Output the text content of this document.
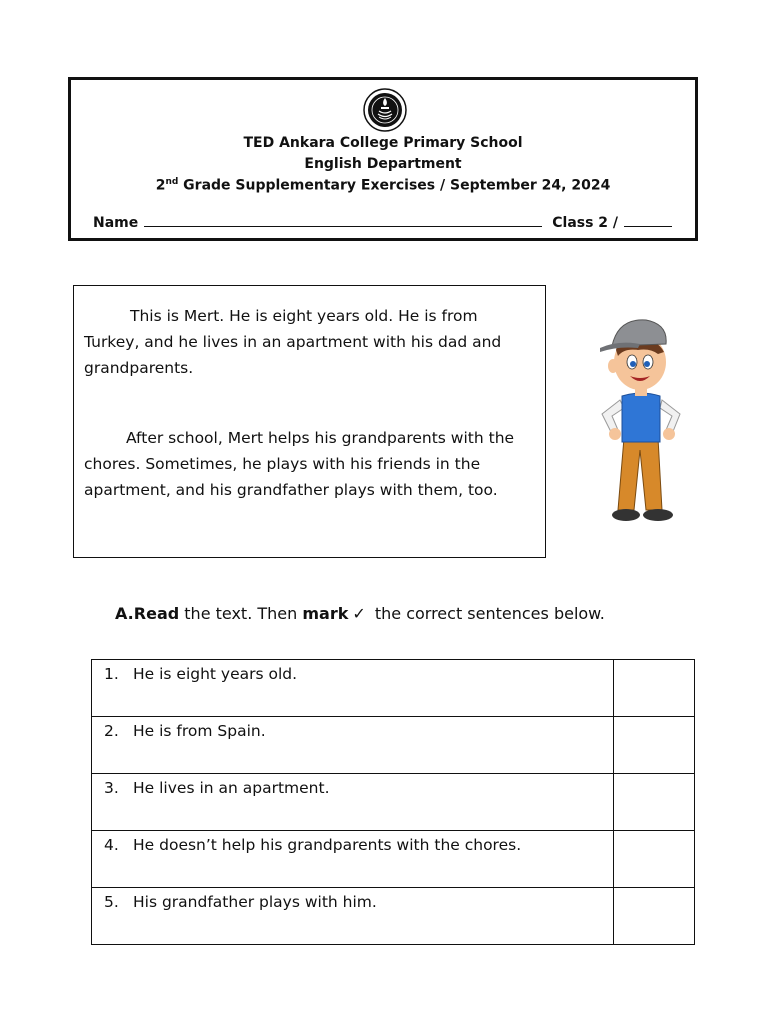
TED Ankara College Primary School
English Department
2nd Grade Supplementary Exercises / September 24, 2024
Name	Class 2 /

This is Mert. He is eight years old. He is from Turkey, and he lives in an apartment with his dad and grandparents.

After school, Mert helps his grandparents with the chores. Sometimes, he plays with his friends in the apartment, and his grandfather plays with them, too.

A.Read the text. Then mark ✓ the correct sentences below.
1. He is eight years old.	
2. He is from Spain.	
3. He lives in an apartment.	
4. He doesn’t help his grandparents with the chores.	
5. His grandfather plays with him.	
